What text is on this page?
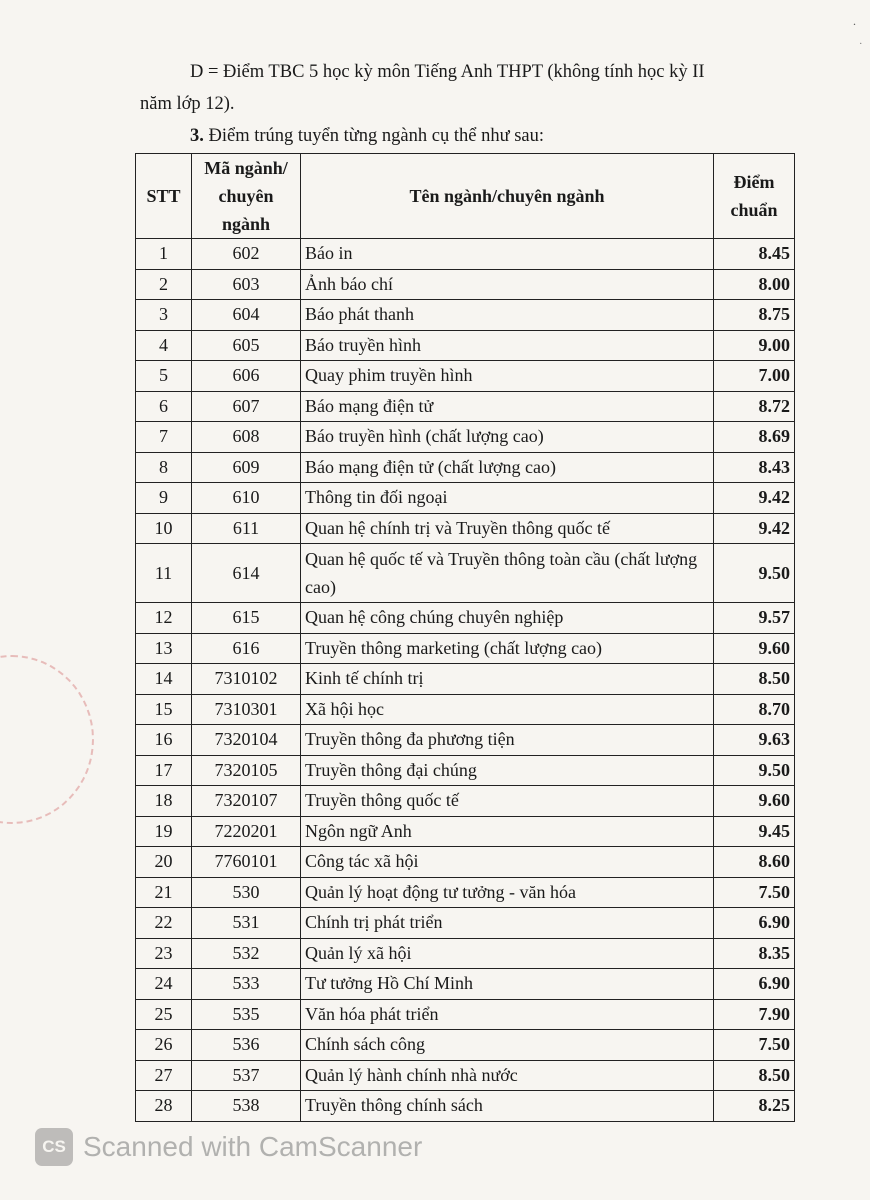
.
.
D = Điểm TBC 5 học kỳ môn Tiếng Anh THPT (không tính học kỳ II
năm lớp 12).
3. Điểm trúng tuyển từng ngành cụ thể như sau:
STT	Mã ngành/ chuyên ngành	Tên ngành/chuyên ngành	Điểm chuẩn
1	602	Báo in	8.45
2	603	Ảnh báo chí	8.00
3	604	Báo phát thanh	8.75
4	605	Báo truyền hình	9.00
5	606	Quay phim truyền hình	7.00
6	607	Báo mạng điện tử	8.72
7	608	Báo truyền hình (chất lượng cao)	8.69
8	609	Báo mạng điện tử (chất lượng cao)	8.43
9	610	Thông tin đối ngoại	9.42
10	611	Quan hệ chính trị và Truyền thông quốc tế	9.42
11	614	Quan hệ quốc tế và Truyền thông toàn cầu (chất lượng cao)	9.50
12	615	Quan hệ công chúng chuyên nghiệp	9.57
13	616	Truyền thông marketing (chất lượng cao)	9.60
14	7310102	Kinh tế chính trị	8.50
15	7310301	Xã hội học	8.70
16	7320104	Truyền thông đa phương tiện	9.63
17	7320105	Truyền thông đại chúng	9.50
18	7320107	Truyền thông quốc tế	9.60
19	7220201	Ngôn ngữ Anh	9.45
20	7760101	Công tác xã hội	8.60
21	530	Quản lý hoạt động tư tưởng - văn hóa	7.50
22	531	Chính trị phát triển	6.90
23	532	Quản lý xã hội	8.35
24	533	Tư tưởng Hồ Chí Minh	6.90
25	535	Văn hóa phát triển	7.90
26	536	Chính sách công	7.50
27	537	Quản lý hành chính nhà nước	8.50
28	538	Truyền thông chính sách	8.25
CS Scanned with CamScanner
